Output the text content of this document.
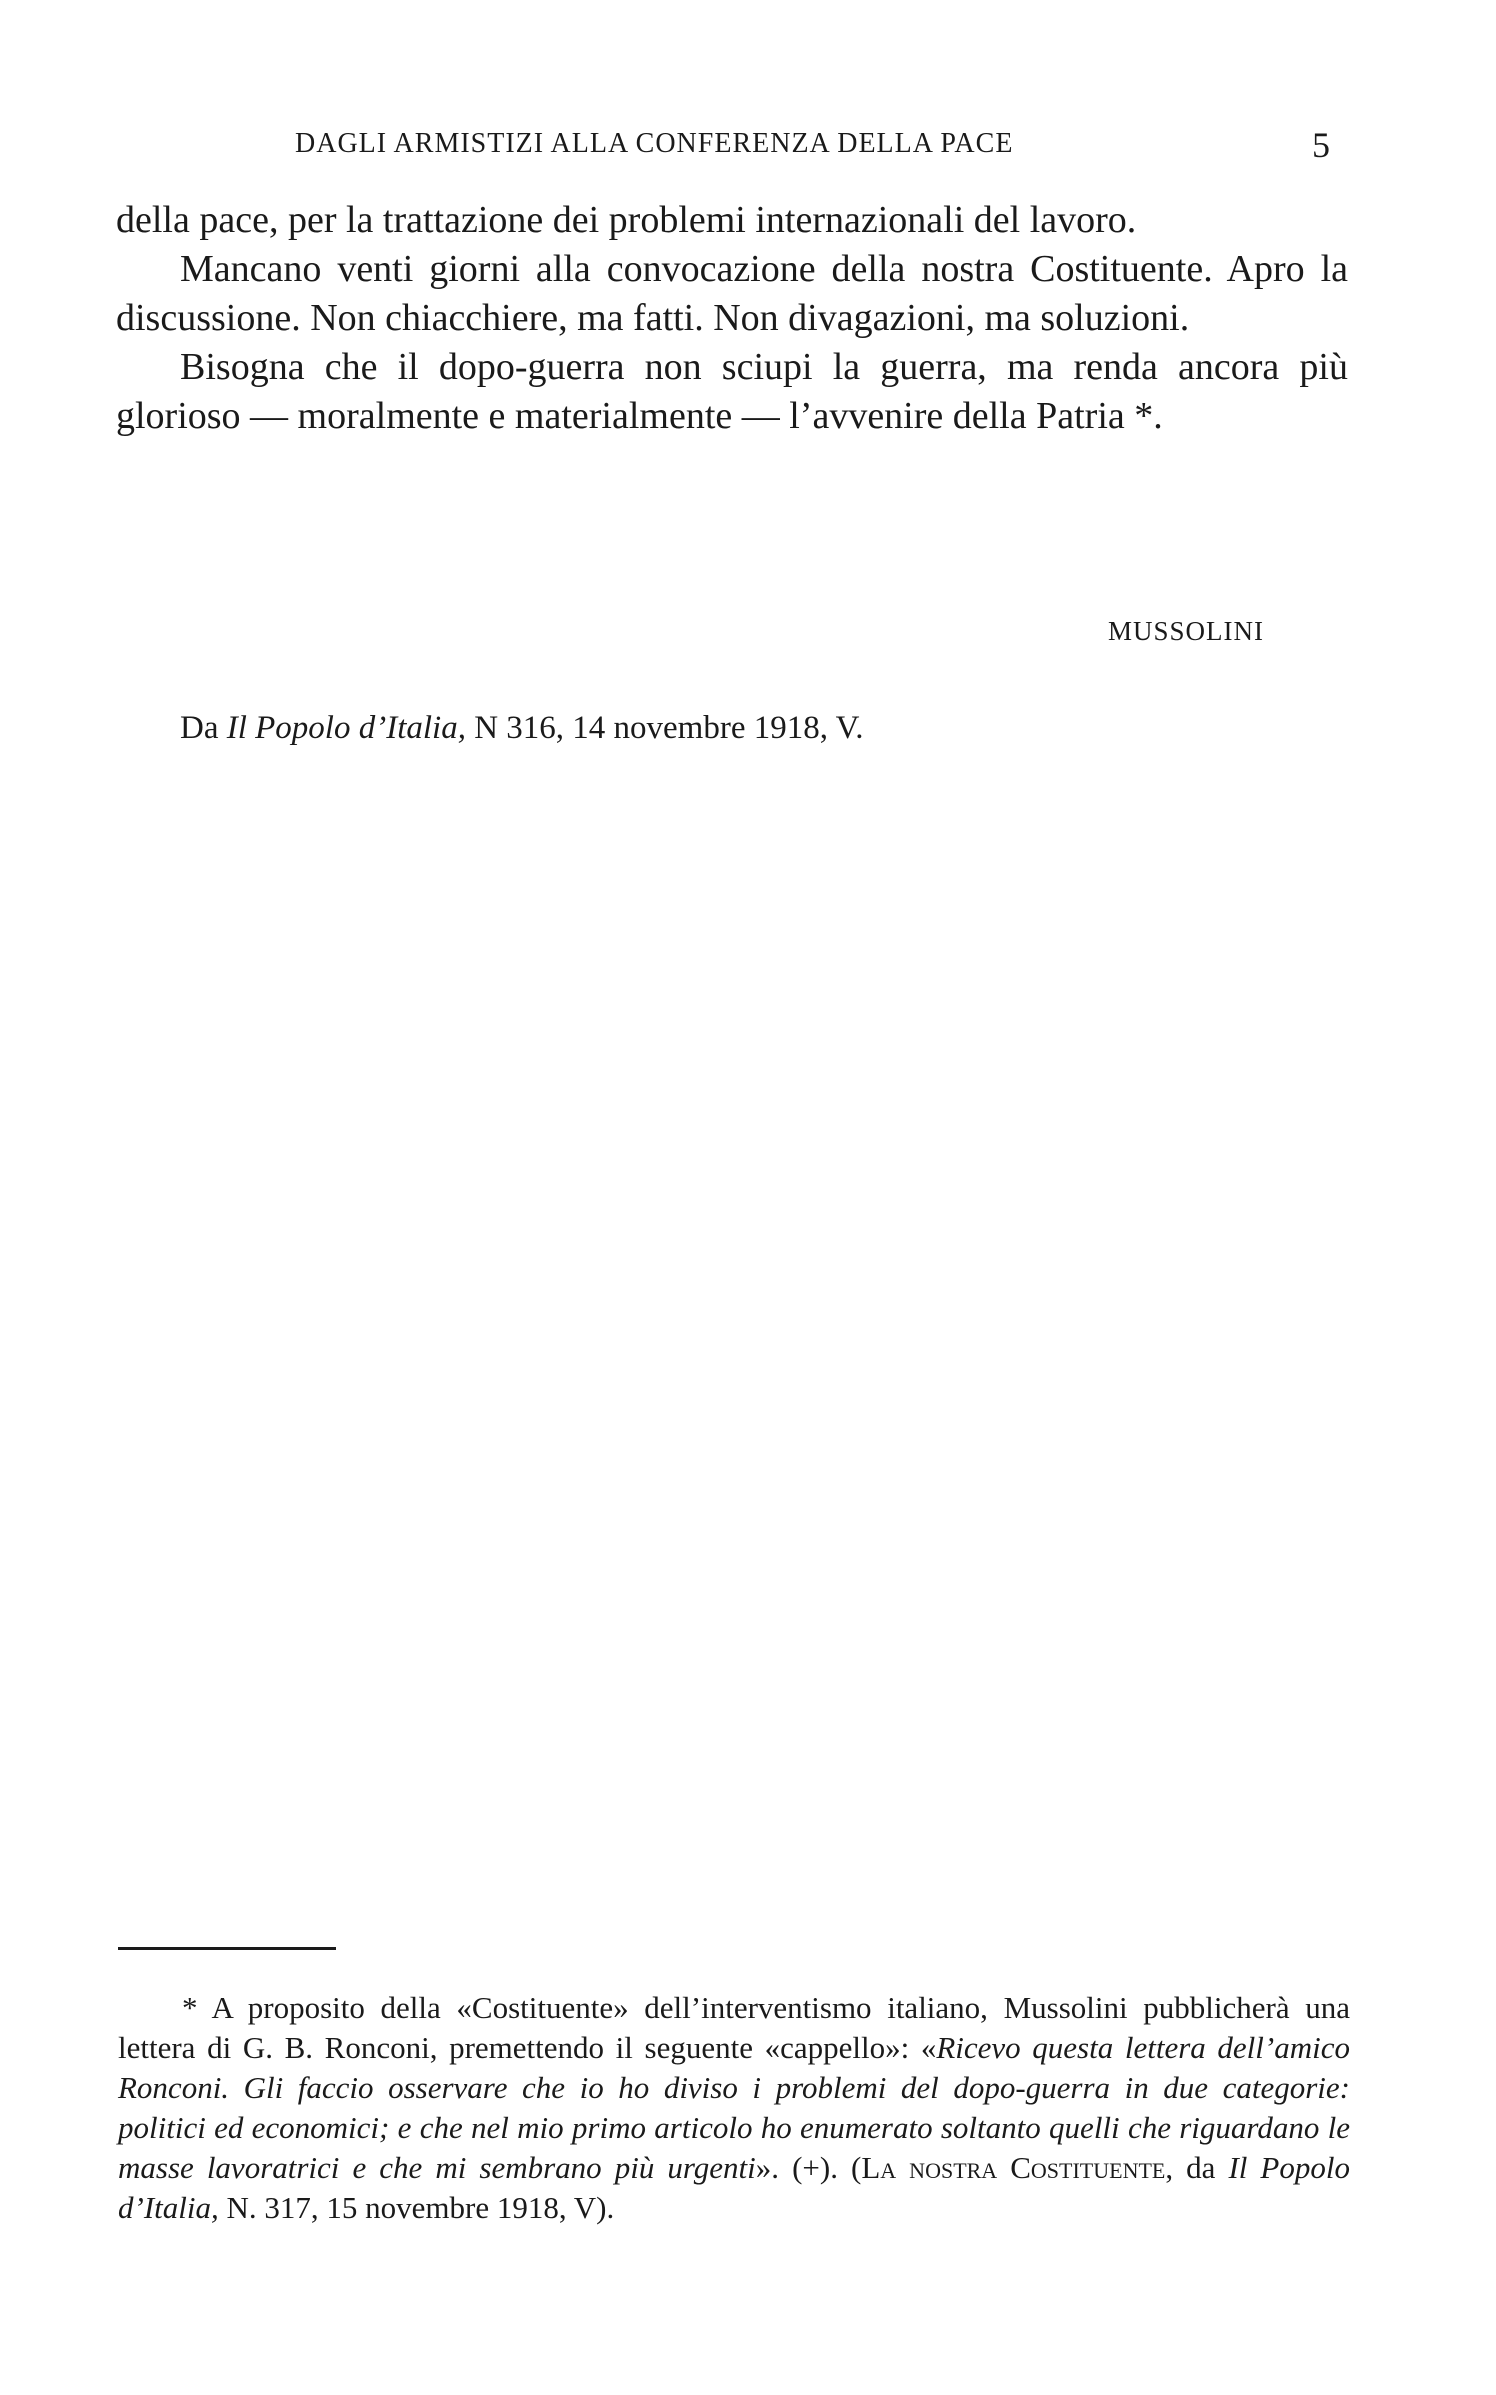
DAGLI ARMISTIZI ALLA CONFERENZA DELLA PACE	5

della pace, per la trattazione dei problemi internazionali del lavoro.

Mancano venti giorni alla convocazione della nostra Costituente. Apro la discussione. Non chiacchiere, ma fatti. Non divagazioni, ma soluzioni.

Bisogna che il dopo-guerra non sciupi la guerra, ma renda ancora più glorioso — moralmente e materialmente — l’avvenire della Patria *.

MUSSOLINI
Da Il Popolo d’Italia, N 316, 14 novembre 1918, V.

* A proposito della «Costituente» dell’interventismo italiano, Mussolini pubblicherà una lettera di G. B. Ronconi, premettendo il seguente «cappello»: «Ricevo questa lettera dell’amico Ronconi. Gli faccio osservare che io ho diviso i problemi del dopo-guerra in due categorie: politici ed economici; e che nel mio primo articolo ho enumerato soltanto quelli che riguardano le masse lavoratrici e che mi sembrano più urgenti». (+). (La nostra Costituente, da Il Popolo d’Italia, N. 317, 15 novembre 1918, V).
